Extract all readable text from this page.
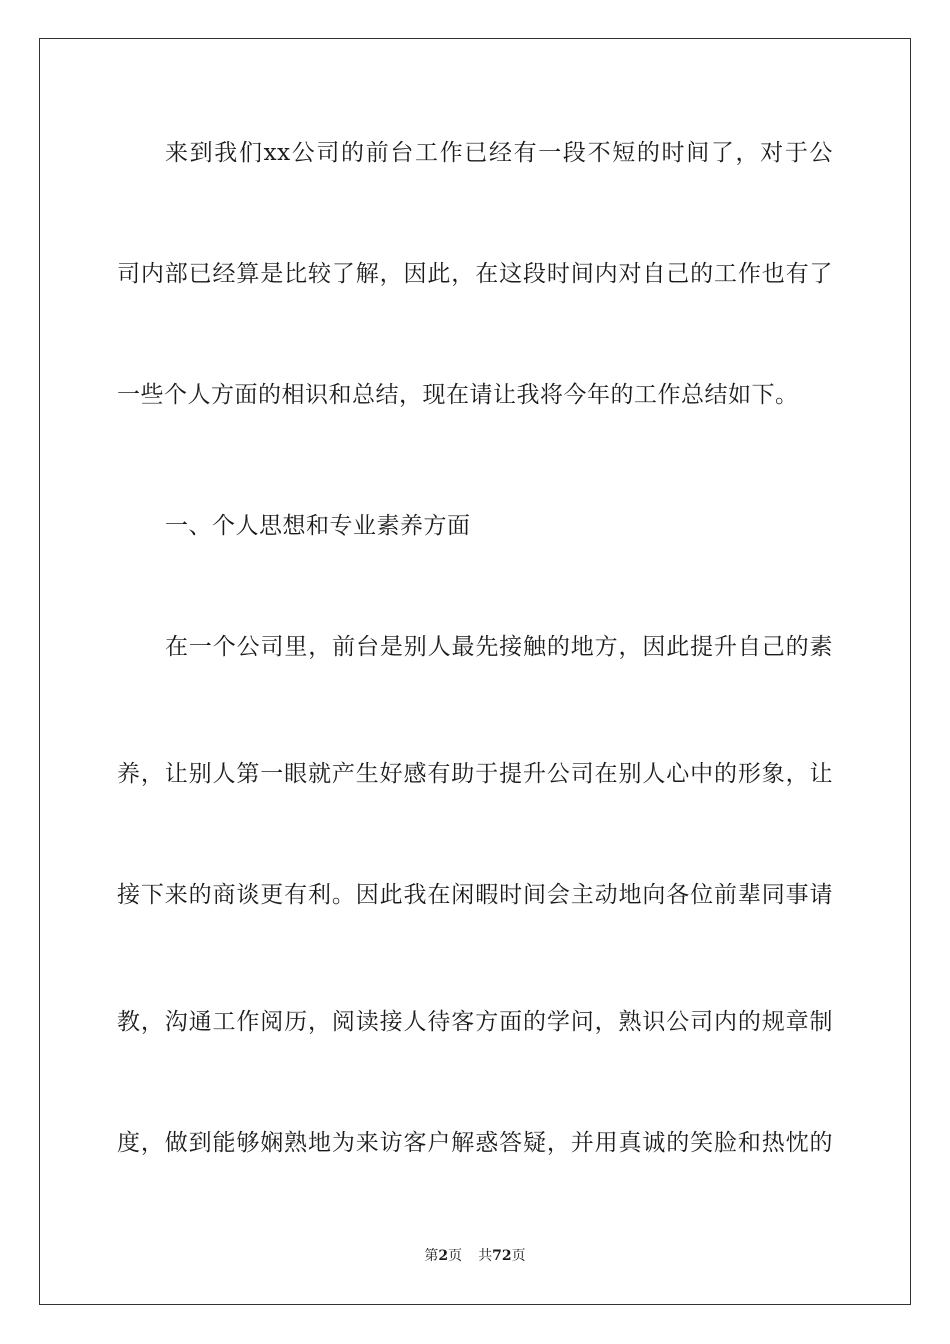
来到我们xx公司的前台工作已经有一段不短的时间了，对于公
司内部已经算是比较了解，因此，在这段时间内对自己的工作也有了
一些个人方面的相识和总结，现在请让我将今年的工作总结如下。
一、个人思想和专业素养方面
在一个公司里，前台是别人最先接触的地方，因此提升自己的素
养，让别人第一眼就产生好感有助于提升公司在别人心中的形象，让
接下来的商谈更有利。因此我在闲暇时间会主动地向各位前辈同事请
教，沟通工作阅历，阅读接人待客方面的学问，熟识公司内的规章制
度，做到能够娴熟地为来访客户解惑答疑，并用真诚的笑脸和热忱的
第2页 共72页
